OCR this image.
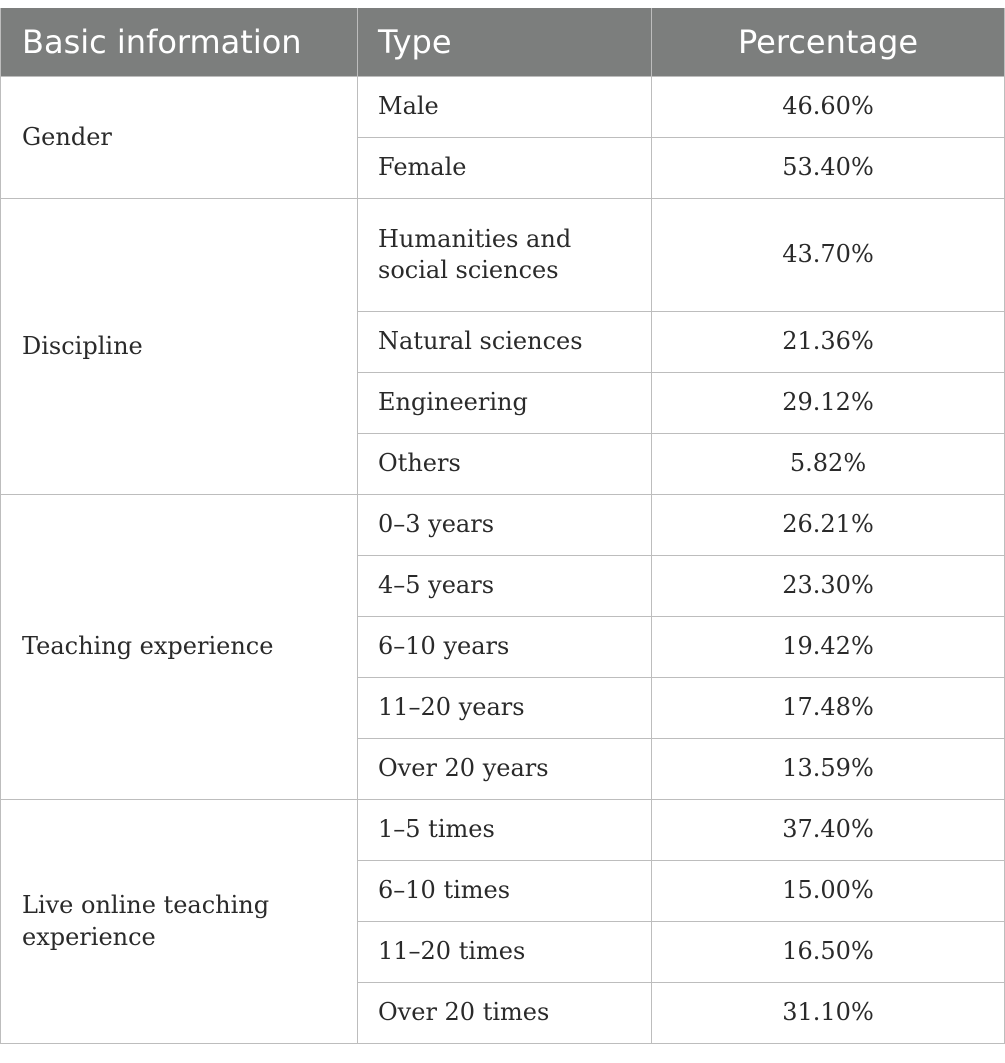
Basic information	Type	Percentage
Gender	Male	46.60%
	Female	53.40%
Discipline	Humanities and social sciences	43.70%
	Natural sciences	21.36%
	Engineering	29.12%
	Others	5.82%
Teaching experience	0–3 years	26.21%
	4–5 years	23.30%
	6–10 years	19.42%
	11–20 years	17.48%
	Over 20 years	13.59%
Live online teaching experience	1–5 times	37.40%
	6–10 times	15.00%
	11–20 times	16.50%
	Over 20 times	31.10%
